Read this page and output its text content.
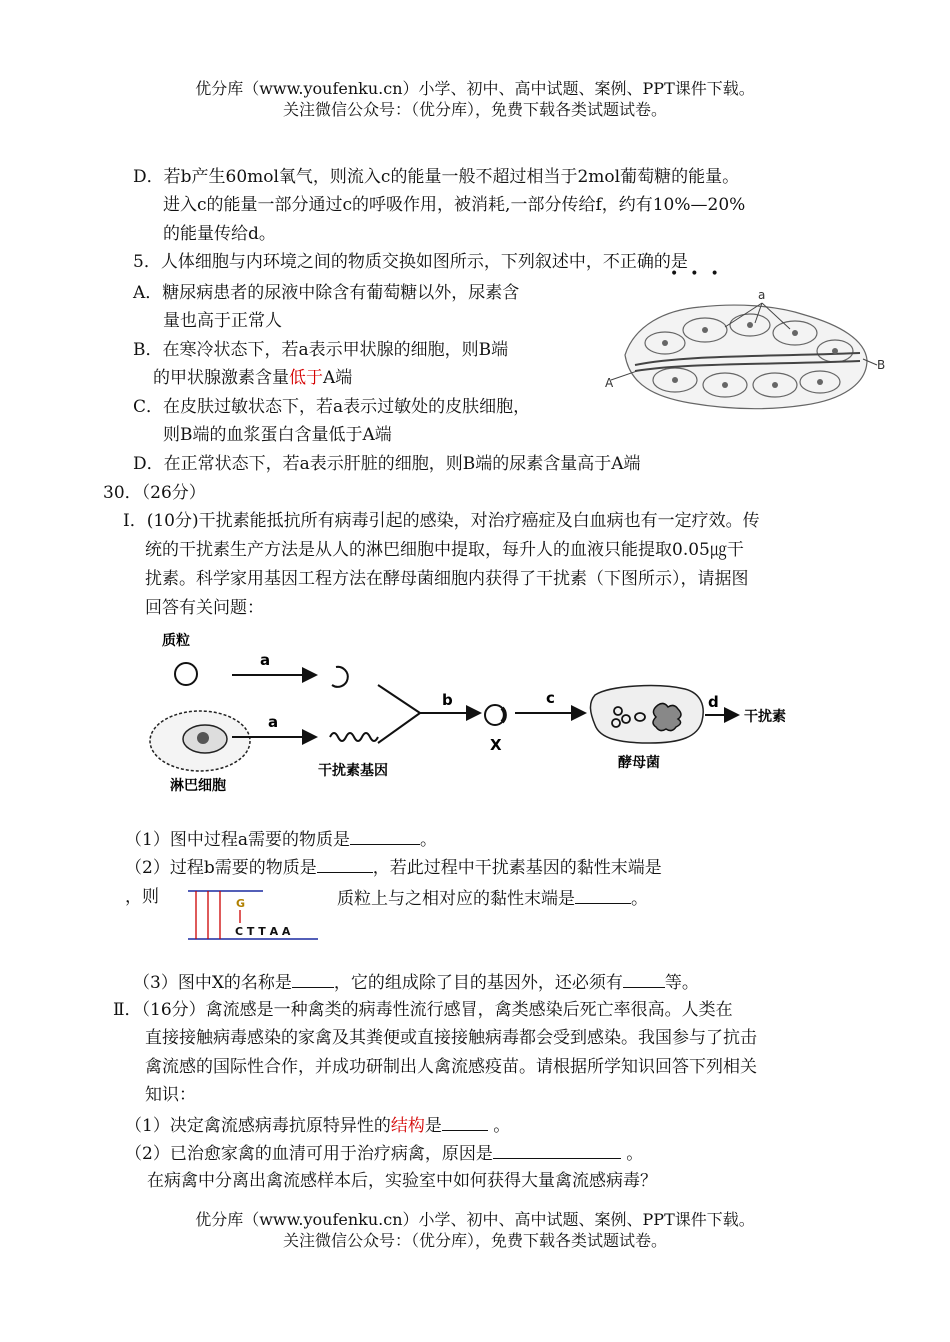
优分库（www.youfenku.cn）小学、初中、高中试题、案例、PPT课件下载。
关注微信公众号：（优分库），免费下载各类试题试卷。
D．若b产生60mol氧气，则流入c的能量一般不超过相当于2mol葡萄糖的能量。
进入c的能量一部分通过c的呼吸作用，被消耗,一部分传给f，约有10%—20%
的能量传给d。
5．人体细胞与内环境之间的物质交换如图所示，下列叙述中，不正确的是
•••
A．糖尿病患者的尿液中除含有葡萄糖以外，尿素含
量也高于正常人
B．在寒冷状态下，若a表示甲状腺的细胞，则B端
的甲状腺激素含量低于A端
C．在皮肤过敏状态下，若a表示过敏处的皮肤细胞，
则B端的血浆蛋白含量低于A端
D．在正常状态下，若a表示肝脏的细胞，则B端的尿素含量高于A端
a
A
B
30．（26分）
Ⅰ．(10分)干扰素能抵抗所有病毒引起的感染，对治疗癌症及白血病也有一定疗效。传
统的干扰素生产方法是从人的淋巴细胞中提取，每升人的血液只能提取0.05㎍干
扰素。科学家用基因工程方法在酵母菌细胞内获得了干扰素（下图所示），请据图
回答有关问题：
质粒
a
淋巴细胞
a
干扰素基因
b
X
c
酵母菌
d
干扰素
（1）图中过程a需要的物质是	。
（2）过程b需要的物质是	，若此过程中干扰素基因的黏性末端是
，则	G
C T T A A
质粒上与之相对应的黏性末端是	。
（3）图中X的名称是 ，它的组成除了目的基因外，还必须有 等。
Ⅱ．（16分）禽流感是一种禽类的病毒性流行感冒，禽类感染后死亡率很高。人类在
直接接触病毒感染的家禽及其粪便或直接接触病毒都会受到感染。我国参与了抗击
禽流感的国际性合作，并成功研制出人禽流感疫苗。请根据所学知识回答下列相关
知识：
（1）决定禽流感病毒抗原特异性的结构是	。
（2）已治愈家禽的血清可用于治疗病禽，原因是	。
在病禽中分离出禽流感样本后，实验室中如何获得大量禽流感病毒？
优分库（www.youfenku.cn）小学、初中、高中试题、案例、PPT课件下载。
关注微信公众号：（优分库），免费下载各类试题试卷。
